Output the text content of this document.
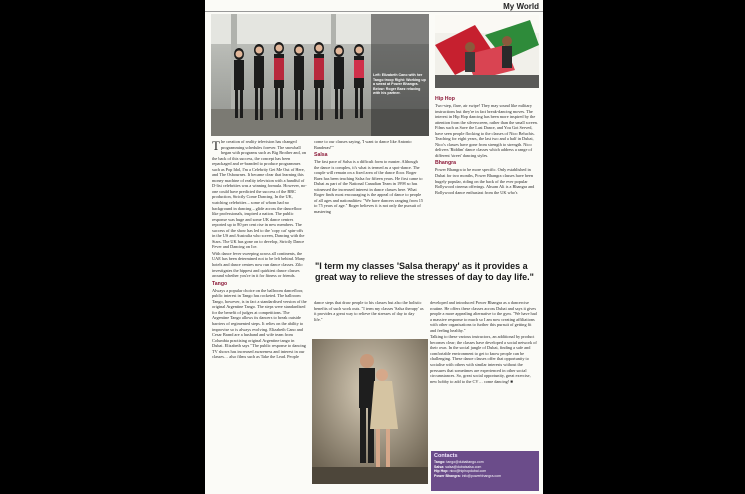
My World
Left: Elizabeth Cano with her Tango troop Right: Working up a sweat at Power Bhangra. Below: Roger Baez relaxing with his partner.

The creation of reality television has changed programming schedules forever. The snowball began with programs such as Big Brother and, on the back of this success, the concept has been repackaged and re-branded to produce programmes such as Pop Idol, I'm a Celebrity Get Me Out of Here, and The Osbournes. It became clear that learning this money machine of reality television with a handful of D-list celebrities was a winning formula. However, no-one could have predicted the success of the BBC production, Strictly Come Dancing. In the UK, watching celebrities – some of whom had no background in dancing – glide across the dancefloor like professionals, inspired a nation. The public response was huge and some UK dance centres reported up to 80 per cent rise in new members. The success of the show has led to the 'copy cat' spin-offs in the US and Australia who screen, Dancing with the Stars. The UK has gone on to develop, Strictly Dance Fever and Dancing on Ice.

With dance fever sweeping across all continents, the UAE has been determined not to be left behind. Many hotels and dance centres now run dance classes. Zilo investigates the hippest and quirkiest dance classes around whether you're in it for fitness or friends.

Tango

Always a popular choice on the ballroom dancefloor, public interest in Tango has rocketed. The ballroom Tango, however, is in fact a standardised version of the original Argentine Tango. The steps were standardised for the benefit of judges at competitions. The Argentine Tango allows its dancers to break outside barriers of regimented steps. It relies on the ability to improvise so is always evolving. Elizabeth Cano and Cesar Brand are a husband and wife team from Columbia practising original Argentine tango in Dubai. Elizabeth says "The public response to dancing TV shows has increased awareness and interest in our classes… also films such as Take the Lead. People

come to our classes saying, 'I want to dance like Antonio Banderas!'"

Salsa

The fast pace of Salsa is a difficult form to master. Although the dance is complex, it's what is termed as a spot-dance. The couple will remain on a fixed area of the dance floor. Roger Baez has been teaching Salsa for fifteen years. He first came to Dubai as part of the National Canadian Team in 1998 so has witnessed the increased interest in dance classes here. What Roger finds most encouraging is the appeal of dance to people of all ages and nationalities: "We have dancers ranging from 15 to 75 years of age." Roger believes it is not only the pursuit of mastering

"I term my classes 'Salsa therapy' as it provides a great way to relieve the stresses of day to day life."

dance steps that draw people to his classes but also the holistic benefits of such work outs. "I term my classes 'Salsa therapy' as it provides a great way to relieve the stresses of day to day life."

Hip Hop

Two-step, flare, air swipe! They may sound like military instructions but they're in fact break-dancing moves. The interest in Hip Hop dancing has been more inspired by the attention from the silverscreen, rather than the small screen. Films such as Save the Last Dance, and You Got Served, have seen people flocking to the classes of Nico Beluchis. Teaching for eight years, the last two and a half in Dubai, Nico's classes have gone from strength to strength. Nico delivers 'Riddim' dance classes which address a range of different 'street' dancing styles.

Bhangra

Power Bhangra to be more specific. Only established in Dubai for two months, Power Bhangra classes have been hugely popular, riding on the back of the ever popular Bollywood cinema offerings. Ahsam Ali is a Bhangra and Bollywood dance enthusiast from the UK who's

developed and introduced Power Bhangra as a dancercise routine. He offers these classes across Dubai and says it gives people a more appealing alternative to the gym. "We have had a massive response to much so I am now creating affiliations with other organisations to further this pursuit of getting fit and feeling healthy."

Talking to these various instructors, an additional by product becomes clear; the classes have developed a social network of their own. In the social jungle of Dubai, finding a safe and comfortable environment to get to know people can be challenging. These dance classes offer that opportunity to socialise with others with similar interests without the pressures that sometimes are experienced in other social circumstances. So, great social opportunity, great exercise, new hobby to add to the CV… come dancing! ■

Contacts
Tango: tango@dubaitango.com
Salsa: salsa@dubaisalsa.com
Hip Hop: nico@hiphopdubai.com
Power Bhangra: info@powerbhangra.com
